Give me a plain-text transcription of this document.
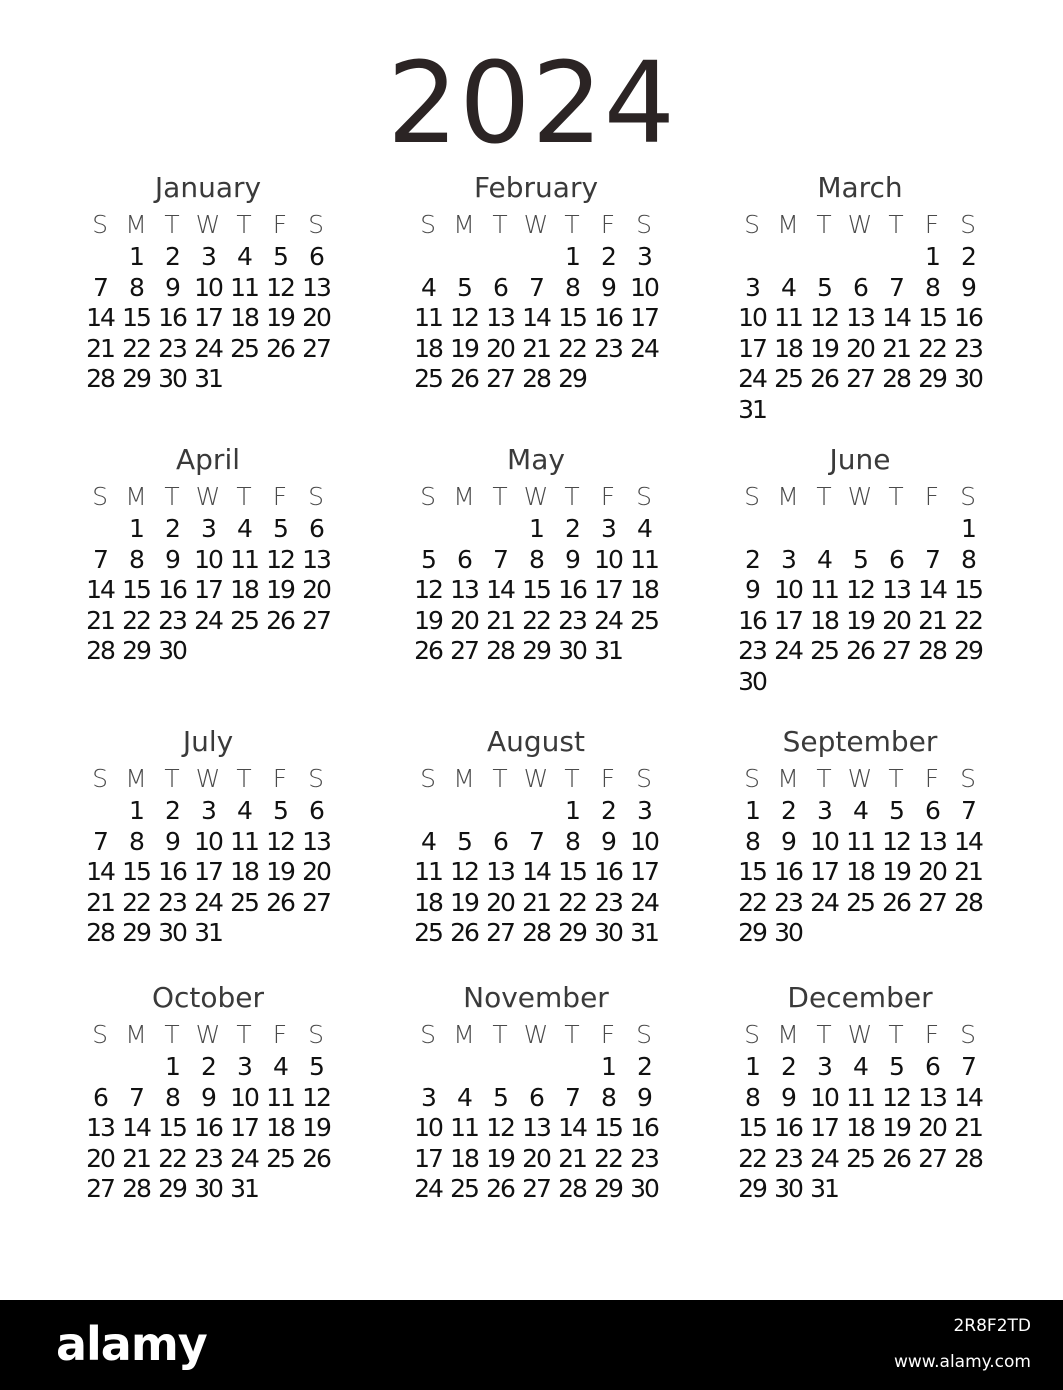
2024
January
S M T W T F S
1 2 3 4 5 6
7 8 9 10 11 12 13
14 15 16 17 18 19 20
21 22 23 24 25 26 27
28 29 30 31
February
S M T W T F S
1 2 3
4 5 6 7 8 9 10
11 12 13 14 15 16 17
18 19 20 21 22 23 24
25 26 27 28 29
March
S M T W T F S
1 2
3 4 5 6 7 8 9
10 11 12 13 14 15 16
17 18 19 20 21 22 23
24 25 26 27 28 29 30
31
April
S M T W T F S
1 2 3 4 5 6
7 8 9 10 11 12 13
14 15 16 17 18 19 20
21 22 23 24 25 26 27
28 29 30
May
S M T W T F S
1 2 3 4
5 6 7 8 9 10 11
12 13 14 15 16 17 18
19 20 21 22 23 24 25
26 27 28 29 30 31
June
S M T W T F S
1
2 3 4 5 6 7 8
9 10 11 12 13 14 15
16 17 18 19 20 21 22
23 24 25 26 27 28 29
30
July
S M T W T F S
1 2 3 4 5 6
7 8 9 10 11 12 13
14 15 16 17 18 19 20
21 22 23 24 25 26 27
28 29 30 31
August
S M T W T F S
1 2 3
4 5 6 7 8 9 10
11 12 13 14 15 16 17
18 19 20 21 22 23 24
25 26 27 28 29 30 31
September
S M T W T F S
1 2 3 4 5 6 7
8 9 10 11 12 13 14
15 16 17 18 19 20 21
22 23 24 25 26 27 28
29 30
October
S M T W T F S
1 2 3 4 5
6 7 8 9 10 11 12
13 14 15 16 17 18 19
20 21 22 23 24 25 26
27 28 29 30 31
November
S M T W T F S
1 2
3 4 5 6 7 8 9
10 11 12 13 14 15 16
17 18 19 20 21 22 23
24 25 26 27 28 29 30
December
S M T W T F S
1 2 3 4 5 6 7
8 9 10 11 12 13 14
15 16 17 18 19 20 21
22 23 24 25 26 27 28
29 30 31
alamy	2R8F2TD
www.alamy.com
